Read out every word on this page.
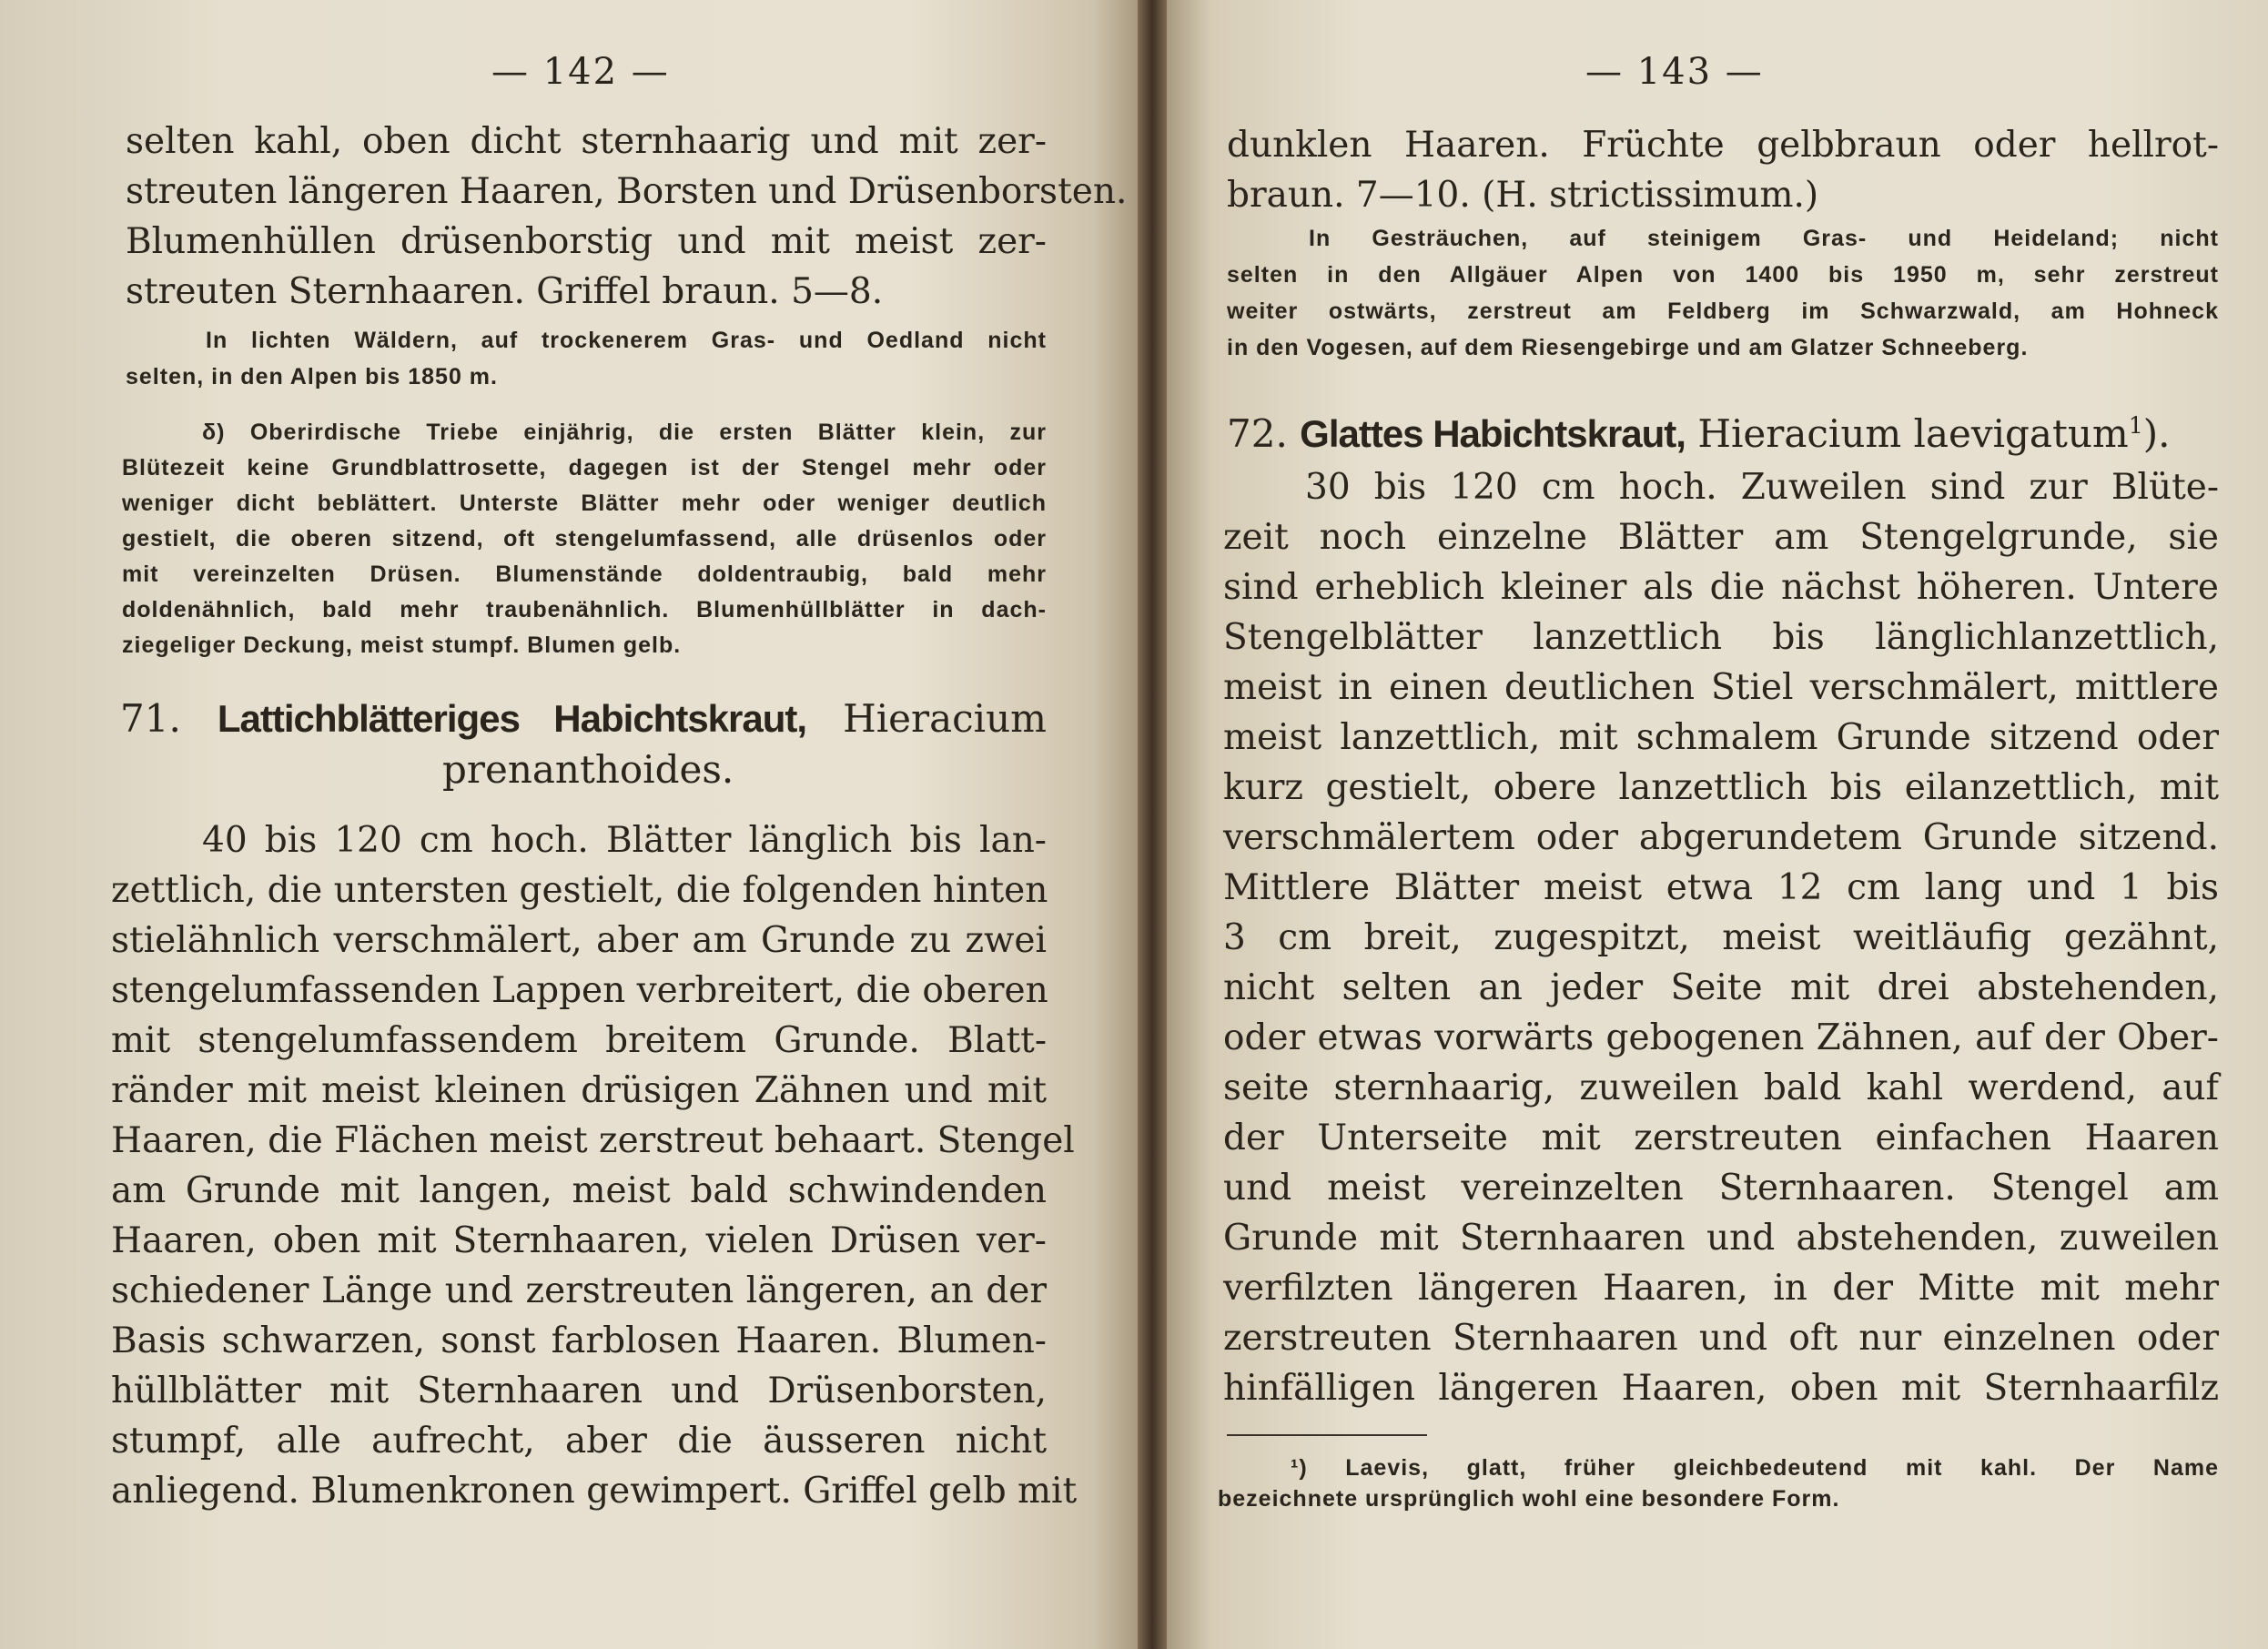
— 142 —
selten kahl, oben dicht sternhaarig und mit zer-
streuten längeren Haaren, Borsten und Drüsenborsten.
Blumenhüllen drüsenborstig und mit meist zer-
streuten Sternhaaren. Griffel braun. 5—8.
In lichten Wäldern, auf trockenerem Gras- und Oedland nicht
selten, in den Alpen bis 1850 m.
δ) Oberirdische Triebe einjährig, die ersten Blätter klein, zur
Blütezeit keine Grundblattrosette, dagegen ist der Stengel mehr oder
weniger dicht beblättert. Unterste Blätter mehr oder weniger deutlich
gestielt, die oberen sitzend, oft stengelumfassend, alle drüsenlos oder
mit vereinzelten Drüsen. Blumenstände doldentraubig, bald mehr
doldenähnlich, bald mehr traubenähnlich. Blumenhüllblätter in dach-
ziegeliger Deckung, meist stumpf. Blumen gelb.
71. Lattichblätteriges Habichtskraut, Hieracium
prenanthoides.
40 bis 120 cm hoch. Blätter länglich bis lan-
zettlich, die untersten gestielt, die folgenden hinten
stielähnlich verschmälert, aber am Grunde zu zwei
stengelumfassenden Lappen verbreitert, die oberen
mit stengelumfassendem breitem Grunde. Blatt-
ränder mit meist kleinen drüsigen Zähnen und mit
Haaren, die Flächen meist zerstreut behaart. Stengel
am Grunde mit langen, meist bald schwindenden
Haaren, oben mit Sternhaaren, vielen Drüsen ver-
schiedener Länge und zerstreuten längeren, an der
Basis schwarzen, sonst farblosen Haaren. Blumen-
hüllblätter mit Sternhaaren und Drüsenborsten,
stumpf, alle aufrecht, aber die äusseren nicht
anliegend. Blumenkronen gewimpert. Griffel gelb mit
— 143 —
dunklen Haaren. Früchte gelbbraun oder hellrot-
braun. 7—10. (H. strictissimum.)
In Gesträuchen, auf steinigem Gras- und Heideland; nicht
selten in den Allgäuer Alpen von 1400 bis 1950 m, sehr zerstreut
weiter ostwärts, zerstreut am Feldberg im Schwarzwald, am Hohneck
in den Vogesen, auf dem Riesengebirge und am Glatzer Schneeberg.
72. Glattes Habichtskraut, Hieracium laevigatum$^1$).
30 bis 120 cm hoch. Zuweilen sind zur Blüte-
zeit noch einzelne Blätter am Stengelgrunde, sie
sind erheblich kleiner als die nächst höheren. Untere
Stengelblätter lanzettlich bis länglichlanzettlich,
meist in einen deutlichen Stiel verschmälert, mittlere
meist lanzettlich, mit schmalem Grunde sitzend oder
kurz gestielt, obere lanzettlich bis eilanzettlich, mit
verschmälertem oder abgerundetem Grunde sitzend.
Mittlere Blätter meist etwa 12 cm lang und 1 bis
3 cm breit, zugespitzt, meist weitläufig gezähnt,
nicht selten an jeder Seite mit drei abstehenden,
oder etwas vorwärts gebogenen Zähnen, auf der Ober-
seite sternhaarig, zuweilen bald kahl werdend, auf
der Unterseite mit zerstreuten einfachen Haaren
und meist vereinzelten Sternhaaren. Stengel am
Grunde mit Sternhaaren und abstehenden, zuweilen
verfilzten längeren Haaren, in der Mitte mit mehr
zerstreuten Sternhaaren und oft nur einzelnen oder
hinfälligen längeren Haaren, oben mit Sternhaarfilz
¹) Laevis, glatt, früher gleichbedeutend mit kahl. Der Name
bezeichnete ursprünglich wohl eine besondere Form.
